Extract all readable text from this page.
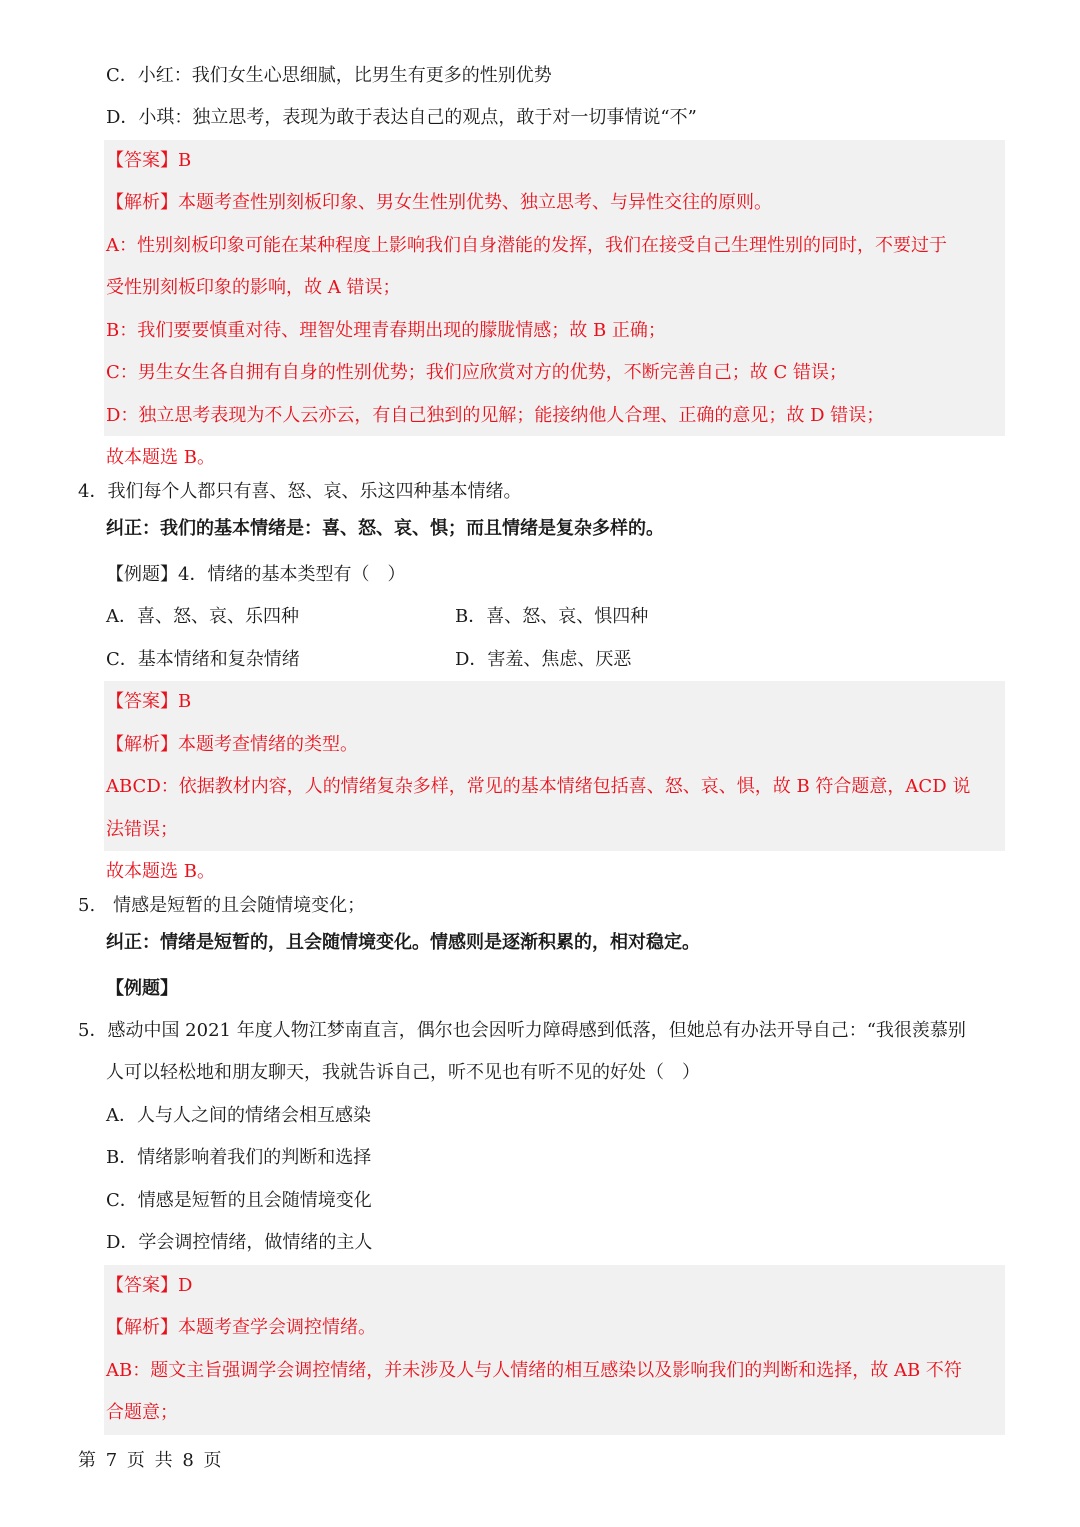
C．小红：我们女生心思细腻，比男生有更多的性别优势
D．小琪：独立思考，表现为敢于表达自己的观点，敢于对一切事情说“不”
【答案】B
【解析】本题考查性别刻板印象、男女生性别优势、独立思考、与异性交往的原则。
A：性别刻板印象可能在某种程度上影响我们自身潜能的发挥，我们在接受自己生理性别的同时，不要过于
受性别刻板印象的影响，故 A 错误；
B：我们要要慎重对待、理智处理青春期出现的朦胧情感；故 B 正确；
C：男生女生各自拥有自身的性别优势；我们应欣赏对方的优势，不断完善自己；故 C 错误；
D：独立思考表现为不人云亦云，有自己独到的见解；能接纳他人合理、正确的意见；故 D 错误；
故本题选 B。
4．我们每个人都只有喜、怒、哀、乐这四种基本情绪。
纠正：我们的基本情绪是：喜、怒、哀、惧；而且情绪是复杂多样的。
【例题】4．情绪的基本类型有（　）
A．喜、怒、哀、乐四种	B．喜、怒、哀、惧四种
C．基本情绪和复杂情绪	D．害羞、焦虑、厌恶
【答案】B
【解析】本题考查情绪的类型。
ABCD：依据教材内容，人的情绪复杂多样，常见的基本情绪包括喜、怒、哀、惧，故 B 符合题意，ACD 说
法错误；
故本题选 B。
5.　情感是短暂的且会随情境变化；
纠正：情绪是短暂的，且会随情境变化。情感则是逐渐积累的，相对稳定。
【例题】
5．感动中国 2021 年度人物江梦南直言，偶尔也会因听力障碍感到低落，但她总有办法开导自己：“我很羡慕别
人可以轻松地和朋友聊天，我就告诉自己，听不见也有听不见的好处（　）
A．人与人之间的情绪会相互感染
B．情绪影响着我们的判断和选择
C．情感是短暂的且会随情境变化
D．学会调控情绪，做情绪的主人
【答案】D
【解析】本题考查学会调控情绪。
AB：题文主旨强调学会调控情绪，并未涉及人与人情绪的相互感染以及影响我们的判断和选择，故 AB 不符
合题意；
第 7 页 共 8 页
